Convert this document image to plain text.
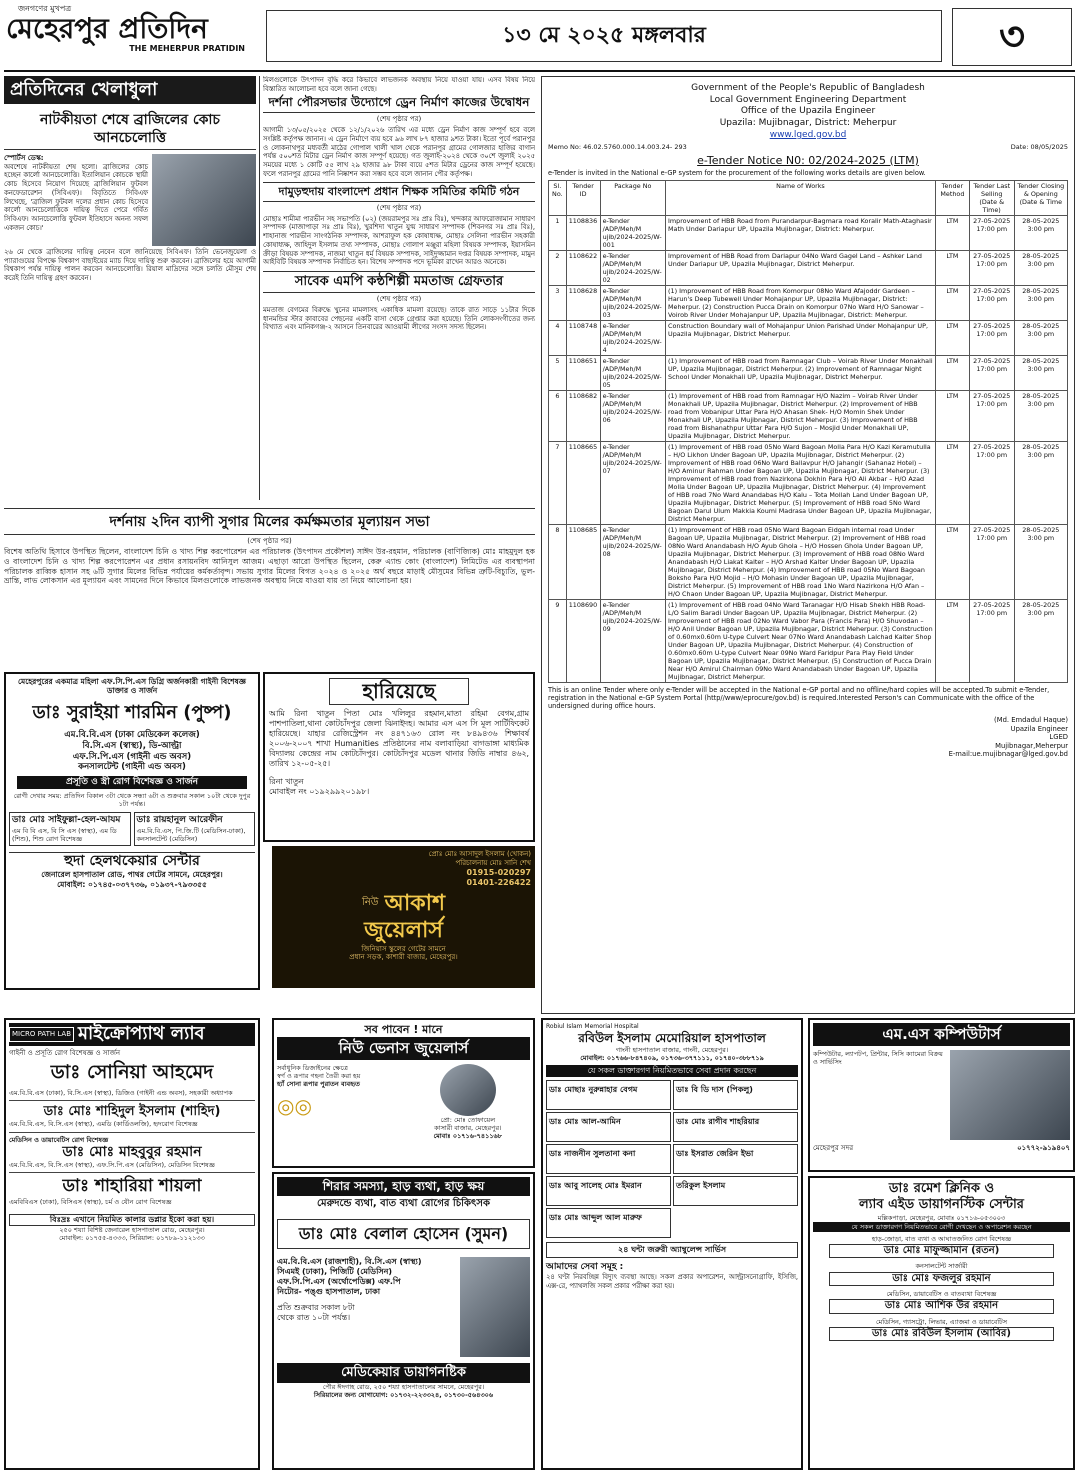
জনগণের মুখপত্র
মেহেরপুর প্রতিদিন
THE MEHERPUR PRATIDIN
১৩ মে ২০২৫ মঙ্গলবার	৩
প্রতিদিনের খেলাধুলা
নাটকীয়তা শেষে ব্রাজিলের কোচ আনচেলোত্তি
স্পোর্টস ডেস্ক:
অবশেষে নাটকীয়তা শেষ হলো। ব্রাজিলের কোচ হচ্ছেন কার্লো আনচেলোত্তি। ইতালিয়ান কোচকে স্থায়ী কোচ হিসেবে নিয়োগ দিয়েছে ব্রাজিলিয়ান ফুটবল কনফেডারেশন (সিবিএফ)। বিবৃতিতে সিবিএফ লিখেছে, 'ব্রাজিল ফুটবল দলের প্রধান কোচ হিসেবে কার্লো আনচেলোত্তিকে দায়িত্ব দিতে পেরে গর্বিত সিবিএফ। আনচেলোত্তি ফুটবল ইতিহাসে অনন্য সফল একজন কোচ।'
২৬ মে থেকে ব্রাজিলের দায়িত্ব নেবেন বলে জানিয়েছে সিবিএফ। তিনি ভেনেজুয়েলা ও প্যারাগুয়ের বিপক্ষে বিশ্বকাপ বাছাইয়ের ম্যাচ দিয়ে দায়িত্ব শুরু করবেন। ব্রাজিলের হয়ে আগামী বিশ্বকাপ পর্যন্ত দায়িত্ব পালন করবেন আনচেলোত্তি। রিয়াল মাদ্রিদের সঙ্গে চলতি মৌসুম শেষ করেই তিনি দায়িত্ব গ্রহণ করবেন।
মিলগুলোকে উৎপাদন বৃদ্ধি করে কিভাবে লাভজনক অবস্থায় নিয়ে যাওয়া যায়। এসব বিষয় নিয়ে বিস্তারিত আলোচনা হবে বলে জানা গেছে।
দর্শনা পৌরসভার উদ্যোগে ড্রেন নির্মাণ কাজের উদ্বোধন
(শেষ পৃষ্ঠার পর)
আগামী ১৩/০৫/২০২৫ থেকে ১২/১/২০২৬ তারিখ এর মধ্যে ড্রেন নির্মাণ কাজ সম্পূর্ণ হবে বলে সংশ্লিষ্ট কর্তৃপক্ষ জানান। এ ড্রেন নির্মাণে ব্যয় হবে ৯৬ লাখ ৮৭ হাজার ৯শত টাকা। ইতো পূর্বে পরানপুর ও লোকনাথপুর মধ্যবর্তী মাঠের গোপাল খালী খাল থেকে পরানপুর গ্রামের গোলজার হাজির বাগান পর্যন্ত ৫০০শত মিটার ড্রেন নির্মাণ কাজ সম্পূর্ণ হয়েছে। গত জুলাই-২০২৪ থেকে ৩০শে জুলাই ২০২৫ সময়ের মধ্যে ১ কোটি ৫৫ লাখ ২৯ হাজার ৯৮ টাকা ব্যয়ে ৫শত মিটার ড্রেনের কাজ সম্পূর্ণ হয়েছে। ফলে পরানপুর গ্রামের পানি নিষ্কাশন করা সম্ভব হবে বলে জানান পৌর কর্তৃপক্ষ।
দামুড়হুদায় বাংলাদেশ প্রধান শিক্ষক সমিতির কমিটি গঠন
(শেষ পৃষ্ঠার পর)
মোছাঃ শামীমা পারভীন সহ সভাপতি (০২) (জয়রামপুর সঃ প্রাঃ বিঃ), খন্দকার আফরোজামান সাধারণ সম্পাদক (মাজাপাড়া সঃ প্রাঃ বিঃ), খুরশিদা খাতুন যুগ্ম সাধারণ সম্পাদক (শিবনগর সঃ প্রাঃ বিঃ), শাহানাজ পারভীন সাংগঠনিক সম্পাদক, আশরাফুল হক কোষাধ্যক্ষ, মোছাঃ সেলিনা পারভীন সহকারী কোষাধ্যক্ষ, জাহিদুল ইসলাম তথ্য সম্পাদক, মোছাঃ গোলাপ মঞ্জুরা মহিলা বিষয়ক সম্পাদক, ইয়াসমিন ক্রীড়া বিষয়ক সম্পাদক, নাজমা খাতুন ধর্ম বিষয়ক সম্পাদক, সাইদুজ্জামান দপ্তর বিষয়ক সম্পাদক, মামুন আইবিটি বিষয়ক সম্পাদক নির্বাচিত হন। বিশেষ সম্পাদক পদে ভূমিকা রাখেন আরও অনেকে।
সাবেক এমপি কন্ঠশিল্পী মমতাজ গ্রেফতার
(শেষ পৃষ্ঠার পর)
মমতাজ বেগমের বিরুদ্ধে খুনের মামলাসহ একাধিক মামলা রয়েছে। তাকে রাত সাড়ে ১১টার দিকে ধানমন্ডির স্টার কাবাবের পেছনের একটি বাসা থেকে গ্রেপ্তার করা হয়েছে। তিনি লোকসংগীতের জন্য বিখ্যাত এবং মানিকগঞ্জ-২ আসনে তিনবারের আওয়ামী লীগের সংসদ সদস্য ছিলেন।
দর্শনায় ২দিন ব্যাপী সুগার মিলের কর্মক্ষমতার মূল্যায়ন সভা
(শেষ পৃষ্ঠার পর)
বিশেষ অতিথি হিসাবে উপস্থিত ছিলেন, বাংলাদেশ চিনি ও খাদ্য শিল্প করপোরেশন এর পরিচালক (উৎপাদন প্রকৌশল) সাঈদ উর-রহমান, পরিচালক (বাণিজ্যিক) মোঃ মাহমুদুল হক ও বাংলাদেশ চিনি ও খাদ্য শিল্প করপোরেশন এর প্রধান রসায়নবিদ আনিসুল আজম। এছাড়া আরো উপস্থিত ছিলেন, কেরু এ্যান্ড কোং (বাংলাদেশ) লিমিটেড এর ব্যবস্থাপনা পরিচালক রাব্বিক হাসান সহ ৬টি সুগার মিলের বিভিন্ন পর্যায়ের কর্মকর্তাবৃন্দ। সভায় সুগার মিলের বিগত ২০২৪ ও ২০২৫ অর্থ বছরে মাড়াই মৌসুমের বিভিন্ন ত্রুটি-বিচ্যুতি, ভুল-ভ্রান্তি, লাভ লোকসান এর মূল্যায়ন এবং সামনের দিনে কিভাবে মিলগুলোকে লাভজনক অবস্থায় নিয়ে যাওয়া যায় তা নিয়ে আলোচনা হয়।
মেহেরপুরের একমাত্র মহিলা এফ.সি.পি.এস ডিগ্রি অর্জনকারী গাইনী বিশেষজ্ঞ ডাক্তার ও সার্জন
ডাঃ সুরাইয়া শারমিন (পুষ্প)
এম.বি.বি.এস (ঢাকা মেডিকেল কলেজ)
বি.সি.এস (স্বাস্থ্য), ডি-আল্ট্রা
এফ.সি.পি.এস (গাইনী এন্ড অবস)
কনসালটেন্ট (গাইনী এন্ড অবস)
প্রসূতি ও স্ত্রী রোগ বিশেষজ্ঞ ও সার্জন
রোগী দেখার সময়: প্রতিদিন বিকাল ৩টা থেকে সন্ধ্যা ৬টা ও শুক্রবার সকাল ১০টা থেকে দুপুর ১টা পর্যন্ত।
ডাঃ মোঃ সাইফুল্লা-হেল-আযম
এম বি বি এস, বি সি এস (স্বাস্থ্য), এম ডি (শিশু), শিশু রোগ বিশেষজ্ঞ
ডাঃ রায়হানুল আরেফীন
এম.বি.বি.এস, পি.জি.টি (মেডিসিন-ঢাকা), কনসালটেন্ট (মেডিসিন)
হুদা হেলথকেয়ার সেন্টার
জেনারেল হাসপাতাল রোড, পাথর গেটের সামনে, মেহেরপুর।
মোবাইল: ০১৭৪৫-০৩৭৭৩৬, ০১৯৩৭-৭৯৩৩৫৫
হারিয়েছে
আমি রিনা খাতুন পিতা মোঃ খলিলুর রহমান,মাতা রহিমা বেগম,গ্রাম পাশপাতিলা,থানা কোটচাঁদপুর জেলা ঝিনাইদহ। আমার এস এস সি মূল সার্টিফিকেট হারিয়েছে। যাহার রেজিস্ট্রেশন নং ৪৪৭১৬৩ রোল নং ৮৪৯৪৩৬ শিক্ষাবর্ষ ২০০৬-২০০৭ শাখা Humanities প্রতিষ্ঠানের নাম বলাবাড়িয়া বাগডাঙ্গা মাধ্যমিক বিদ্যালয় কেন্দ্রের নাম কোটচাঁদপুর। কোটচাঁদপুর মডেল থানার জিডি নাম্বার ৪৬২, তারিখ ১২-০৫-২৫।
রিনা খাতুন
মোবাইল নং ০১৯২৯৯২০১৯৮।
প্রোঃ মোঃ আসাদুল ইসলাম (খোকন)
পরিচালনায় মোঃ সানি শেখ
01915-020297
01401-226422
নিউ আকাশ
জুয়েলার্স
জিনিয়াস স্কুলের গেটের সামনে
প্রধান সড়ক, কাশারী বাজার, মেহেরপুর।
Government of the People's Republic of Bangladesh
Local Government Engineering Department
Office of the Upazila Engineer
Upazila: Mujibnagar, District: Meherpur
www.lged.gov.bd
Memo No: 46.02.5760.000.14.003.24- 293	Date: 08/05/2025
e-Tender Notice N0: 02/2024-2025 (LTM)
e-Tender is invited in the National e-GP system for the procurement of the following works details are given below.
Sl. No.	Tender ID	Package No	Name of Works	Tender Method	Tender Last Selling (Date & Time)	Tender Closing & Opening (Date & Time
1	1108836	e-Tender /ADP/Meh/M ujib/2024-2025/W-001	Improvement of HBB Road from Purandarpur-Bagmara road Koralir Math-Ataghasir Math Under Dariapur UP, Upazila Mujibnagar, District: Meherpur.	LTM	27-05-2025 17:00 pm	28-05-2025 3:00 pm
2	1108622	e-Tender /ADP/Meh/M ujib/2024-2025/W-02	Improvement of HBB Road from Dariapur 04No Ward Gagel Land – Ashker Land Under Dariapur UP, Upazila Mujibnagar, District Meherpur.	LTM	27-05-2025 17:00 pm	28-05-2025 3:00 pm
3	1108628	e-Tender /ADP/Meh/M ujib/2024-2025/W-03	(1) Improvement of HBB Road from Komorpur 08No Ward Afajoddr Gardeen – Harun's Deep Tubewell Under Mohajanpur UP, Upazila Mujibnagar, District: Meherpur. (2) Construction Pucca Drain on Komorpur 07No Ward H/O Sanowar – Voirob River Under Mohajanpur UP, Upazila Mujibnagar, District: Meherpur.	LTM	27-05-2025 17:00 pm	28-05-2025 3:00 pm
4	1108748	e-Tender /ADP/Meh/M ujib/2024-2025/W-4	Construction Boundary wall of Mohajanpur Union Parishad Under Mohajanpur UP, Upazila Mujibnagar, District Meherpur.	LTM	27-05-2025 17:00 pm	28-05-2025 3:00 pm
5	1108651	e-Tender /ADP/Meh/M ujib/2024-2025/W-05	(1) Improvement of HBB road from Ramnagar Club – Voirab River Under Monakhali UP, Upazila Mujibnagar, District Meherpur. (2) Improvement of Ramnagar Night School Under Monakhali UP, Upazila Mujibnagar, District Meherpur.	LTM	27-05-2025 17:00 pm	28-05-2025 3:00 pm
6	1108682	e-Tender /ADP/Meh/M ujib/2024-2025/W-06	(1) Improvement of HBB road from Ramnagar H/O Nazim – Voirab River Under Monakhali UP, Upazila Mujibnagar, District Meherpur. (2) Improvement of HBB road from Vobanipur Uttar Para H/O Ahasan Shek- H/O Momin Shek Under Monakhali UP, Upazila Mujibnagar, District Meherpur. (3) Improvement of HBB road from Bishanathpur Uttar Para H/O Sujon – Mosjid Under Monakhali UP, Upazila Mujibnagar, District Meherpur.	LTM	27-05-2025 17:00 pm	28-05-2025 3:00 pm
7	1108665	e-Tender /ADP/Meh/M ujib/2024-2025/W-07	(1) Improvement of HBB road 05No Ward Bagoan Molla Para H/O Kazi Keramutulla – H/O Likhon Under Bagoan UP, Upazila Mujibnagar, District Meherpur. (2) Improvement of HBB road 06No Ward Ballavpur H/O Jahangir (Sahanaz Hotel) – H/O Aminur Rahman Under Bagoan UP, Upazila Mujibnagar, District Meherpur. (3) Improvement of HBB road from Nazirkona Dokhin Para H/O Ali Akbar – H/O Azad Molla Under Bagoan UP, Upazila Mujibnagar, District Meherpur. (4) Improvement of HBB road 7No Ward Anandabas H/O Kalu – Tota Mollah Land Under Bagoan UP, Upazila Mujibnagar, District Meherpur. (5) Improvement of HBB road 5No Ward Bagoan Darul Ulum Makkia Koumi Madrasa Under Bagoan UP, Upazila Mujibnagar, District Meherpur.	LTM	27-05-2025 17:00 pm	28-05-2025 3:00 pm
8	1108685	e-Tender /ADP/Meh/M ujib/2024-2025/W-08	(1) Improvement of HBB road 05No Ward Bagoan Eidgah internal road Under Bagoan UP, Upazila Mujibnagar, District Meherpur. (2) Improvement of HBB road 08No Ward Anandabash H/O Ayub Ghola – H/O Hossen Ghola Under Bagoan UP, Upazila Mujibnagar, District Meherpur. (3) Improvement of HBB road 08No Ward Anandabash H/O Liakat Kalter – H/O Arshad Kalter Under Bagoan UP, Upazila Mujibnagar, District Meherpur. (4) Improvement of HBB road 05No Ward Bagoan Boksho Para H/O Mojid – H/O Mohasin Under Bagoan UP, Upazila Mujibnagar, District Meherpur. (5) Improvement of HBB road 1No Ward Nazirkona H/O Afan – H/O Chaon Under Bagoan UP, Upazila Mujibnagar, District Meherpur.	LTM	27-05-2025 17:00 pm	28-05-2025 3:00 pm
9	1108690	e-Tender /ADP/Meh/M ujib/2024-2025/W-09	(1) Improvement of HBB road 04No Ward Taranagar H/O Hisab Shekh HBB Road-L/O Salim Baradi Under Bagoan UP, Upazila Mujibnagar, District Meherpur. (2) Improvement of HBB road 02No Ward Vabor Para (Francis Para) H/O Shuvodan – H/O Anil Under Bagoan UP, Upazila Mujibnagar, District Meherpur. (3) Construction of 0.60mx0.60m U-type Culvert Near 07No Ward Anandabash Lalchad Kalter Shop Under Bagoan UP, Upazila Mujibnagar, District Meherpur. (4) Construction of 0.60mx0.60m U-type Culvert Near 09No Ward Faridpur Para Play Field Under Bagoan UP, Upazila Mujibnagar, District Meherpur. (5) Construction of Pucca Drain Near H/O Amirul Chairman 09No Ward Anandabash Under Bagoan UP, Upazila Mujibnagar, District Meherpur.	LTM	27-05-2025 17:00 pm	28-05-2025 3:00 pm
This is an online Tender where only e-Tender will be accepted in the National e-GP portal and no offline/hard copies will be accepted.To submit e-Tender, registration in the National e-GP System Portal (http//www/eprocure/gov.bd) is required.Interested Person's can Communicate with the office of the undersigned during office hours.
(Md. Emdadul Haque)
Upazila Engineer
LGED
Mujibnagar,Meherpur
E-mail:ue.mujibnagar@lged.gov.bd
MICRO PATH LAB মাইক্রোপ্যাথ ল্যাব
গাইনী ও প্রসূতি রোগ বিশেষজ্ঞ ও সার্জন
ডাঃ সোনিয়া আহমেদ
এম.বি.বি.এস (ঢাকা), বি.সি.এস (স্বাস্থ্য), ডিজিও (গাইনী এন্ড অবস), সহকারী অধ্যাপক
ডাঃ মোঃ শাহিদুল ইসলাম (শাহিদ)
এম.বি.বি.এস, বি.সি.এস (স্বাস্থ্য), এমডি (কার্ডিওলজি), হৃদরোগ বিশেষজ্ঞ
মেডিসিন ও ডায়াবেটিস রোগ বিশেষজ্ঞ
ডাঃ মোঃ মাহবুবুর রহমান
এম.বি.বি.এস, বি.সি.এস (স্বাস্থ্য), এফ.সি.পি.এস (মেডিসিন), মেডিসিন বিশেষজ্ঞ
ডাঃ শাহারিয়া শায়লা
এমবিবিএস (ঢাকা), বিসিএস (স্বাস্থ্য), চর্ম ও যৌন রোগ বিশেষজ্ঞ
বিঃদ্রঃ এখানে নিয়মিত কালার ডপ্লার ইকো করা হয়।
২৫০ শয্যা বিশিষ্ট জেনারেল হাসপাতাল রোড, মেহেরপুর।
মোবাইল: ০১৭৫৫-৪৩৩৩, সিরিয়াল: ০১৭৮৯-১১২১৩৩
সব পাবেন ! মানে
নিউ ভেনাস জুয়েলার্স
সর্বাধুনিক ডিজাইনের ক্ষেত্রে
স্বর্ণ ও রূপার গহনা তৈরী করা হয়
হ্যাঁ সোনা রূপার পুরাতন ব্যবহৃত
◎◎
প্রো: মোঃ তোফায়েল
কাসারী বাজার, মেহেরপুর।
মোবাঃ ০১৭১৬-৭৪১১৬৮
শিরার সমস্যা, হাড় ব্যথা, হাড় ক্ষয়
মেরুদন্ডে ব্যথা, বাত ব্যথা রোগের চিকিৎসক
ডাঃ মোঃ বেলাল হোসেন (সুমন)
এম.বি.বি.এস (রাজশাহী), বি.সি.এস (স্বাস্থ্য)
সিএমই (ঢাকা), পিজিটি (মেডিসিন)
এফ.সি.পি.এস (অর্থোপেডিক্স) এফ.পি
নিটোর- পঙ্গু হাসপাতাল, ঢাকা
প্রতি শুক্রবার সকাল ৮টা
থেকে রাত ১০টা পর্যন্ত।
মেডিকেয়ার ডায়াগনষ্টিক
পৌর ঈদগাহ রোড, ২৫০ শয্যা হাসপাতালের সামনে, মেহেরপুর।
সিরিয়ালের জন্য যোগাযোগ: ০১৭৩২-২২৩৩২৪, ০১৭৩০-৫৬৪৩০৬
Robiul Islam Memorial Hospital
রবিউল ইসলাম মেমোরিয়াল হাসপাতাল
গাংনী হাসপাতাল বাজার, গাংনী, মেহেরপুর।
মোবাইল: ০১৭৬৬-৮৪৭৪০৯, ০১৭৩৬-৩৭৭১১১, ০১৭৪০-৩৮৮৭১৯
যে সকল ডাক্তারগণ নিয়মিতভাবে সেবা প্রদান করছেন
ডাঃ মোছাঃ নুরুন্নাহার বেগম	ডাঃ বি ডি দাস (পিকলু)
ডাঃ মোঃ আল-আমিন	ডাঃ মোঃ রাগীব শাহরিয়ার
ডাঃ নাজনীন সুলতানা কনা	ডাঃ ইসরাত জেরিন ইভা
ডাঃ আবু সালেহ মোঃ ইমরান	তরিকুল ইসলাম
ডাঃ মোঃ আব্দুল আল মারুফ
২৪ ঘন্টা জরুরী অ্যাম্বুলেন্স সার্ভিস
আমাদের সেবা সমূহ :
২৪ ঘণ্টা নিরবচ্ছিন্ন বিদ্যুৎ ব্যবস্থা আছে। সকল প্রকার অপারেশন, আল্ট্রাসনোগ্রাফি, ইসিজি, এক্স-রে, প্যাথলজি সকল প্রকার পরীক্ষা করা হয়।
এম.এস কম্পিউটার্স
কম্পিউটার, ল্যাপটপ, প্রিন্টার, সিসি ক্যামেরা বিক্রয় ও সার্ভিসিং
মেহেরপুর সদর	০১৭৭২-৯১৯৪০৭
ডাঃ রমেশ ক্লিনিক ও
ল্যাব এইড ডায়াগনস্টিক সেন্টার
মল্লিকপাড়া, মেহেরপুর, মোবাঃ ০১৭১৬-০৫৩০০৩
যে সকল ডাক্তারগণ নিয়মিতভাবে রোগী দেখছেন ও অপারেশন করছেন
হাড়-জোড়া, বাত ব্যথা ও আঘাতজনিত রোগ বিশেষজ্ঞ
ডাঃ মোঃ মাফুজ্জামান (রতন)
কনসালটেন্ট সার্জারী
ডাঃ মোঃ ফজলুর রহমান
মেডিসিন, ডায়াবেটিস ও বাতব্যথা বিশেষজ্ঞ
ডাঃ মোঃ আশিক উর রহমান
মেডিসিন, গ্যাসট্রো, লিভার, এ্যাজমা ও ডায়াবেটিস
ডাঃ মোঃ রবিউল ইসলাম (আবির)
